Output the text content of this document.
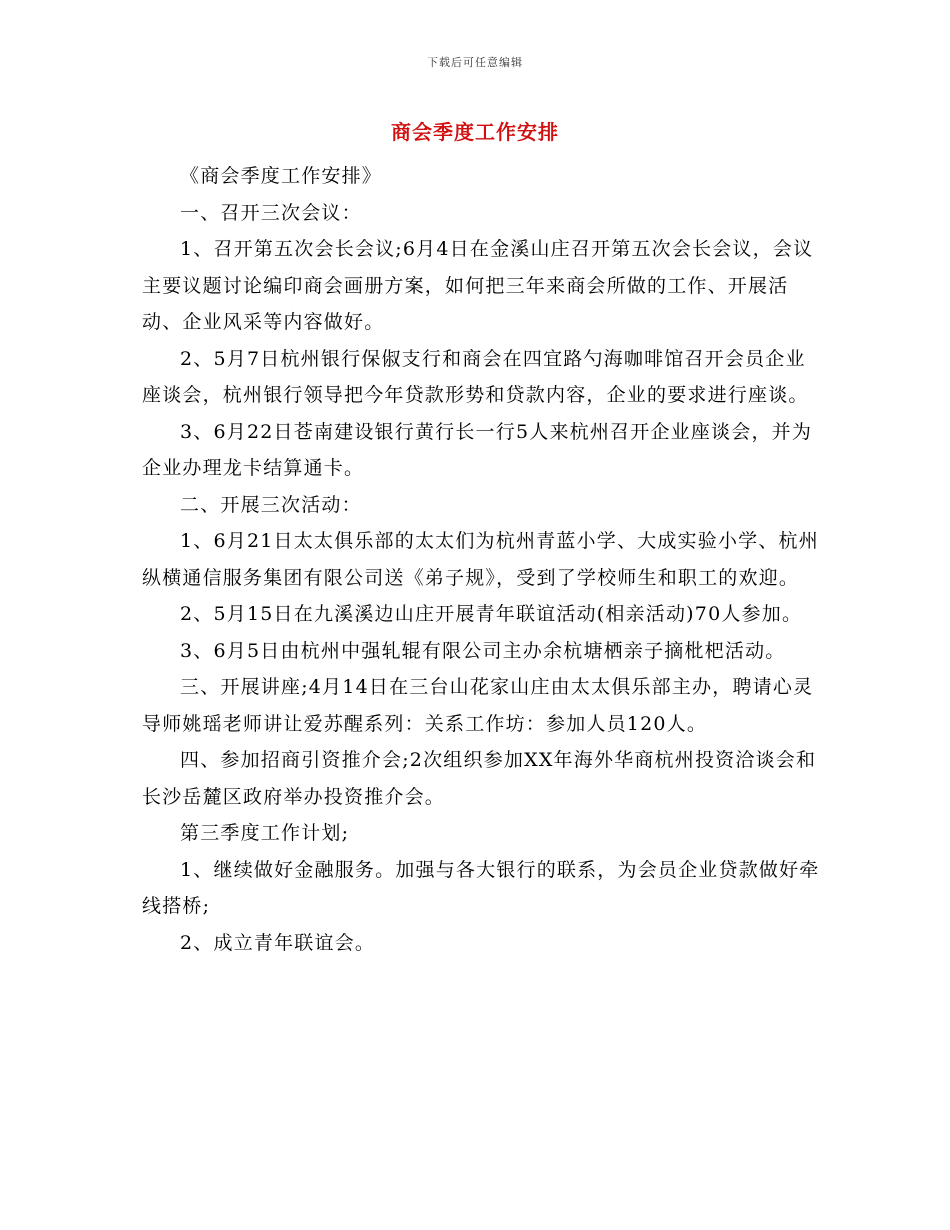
下载后可任意编辑
商会季度工作安排

《商会季度工作安排》

一、召开三次会议：

1、召开第五次会长会议;6月4日在金溪山庄召开第五次会长会议，会议主要议题讨论编印商会画册方案，如何把三年来商会所做的工作、开展活动、企业风采等内容做好。

2、5月7日杭州银行保俶支行和商会在四宜路勺海咖啡馆召开会员企业座谈会，杭州银行领导把今年贷款形势和贷款内容，企业的要求进行座谈。

3、6月22日苍南建设银行黄行长一行5人来杭州召开企业座谈会，并为企业办理龙卡结算通卡。

二、开展三次活动：

1、6月21日太太俱乐部的太太们为杭州青蓝小学、大成实验小学、杭州纵横通信服务集团有限公司送《弟子规》，受到了学校师生和职工的欢迎。

2、5月15日在九溪溪边山庄开展青年联谊活动(相亲活动)70人参加。

3、6月5日由杭州中强轧辊有限公司主办余杭塘栖亲子摘枇杷活动。

三、开展讲座;4月14日在三台山花家山庄由太太俱乐部主办，聘请心灵导师姚瑶老师讲让爱苏醒系列：关系工作坊：参加人员120人。

四、参加招商引资推介会;2次组织参加XX年海外华商杭州投资洽谈会和长沙岳麓区政府举办投资推介会。

第三季度工作计划;

1、继续做好金融服务。加强与各大银行的联系，为会员企业贷款做好牵线搭桥;

2、成立青年联谊会。
